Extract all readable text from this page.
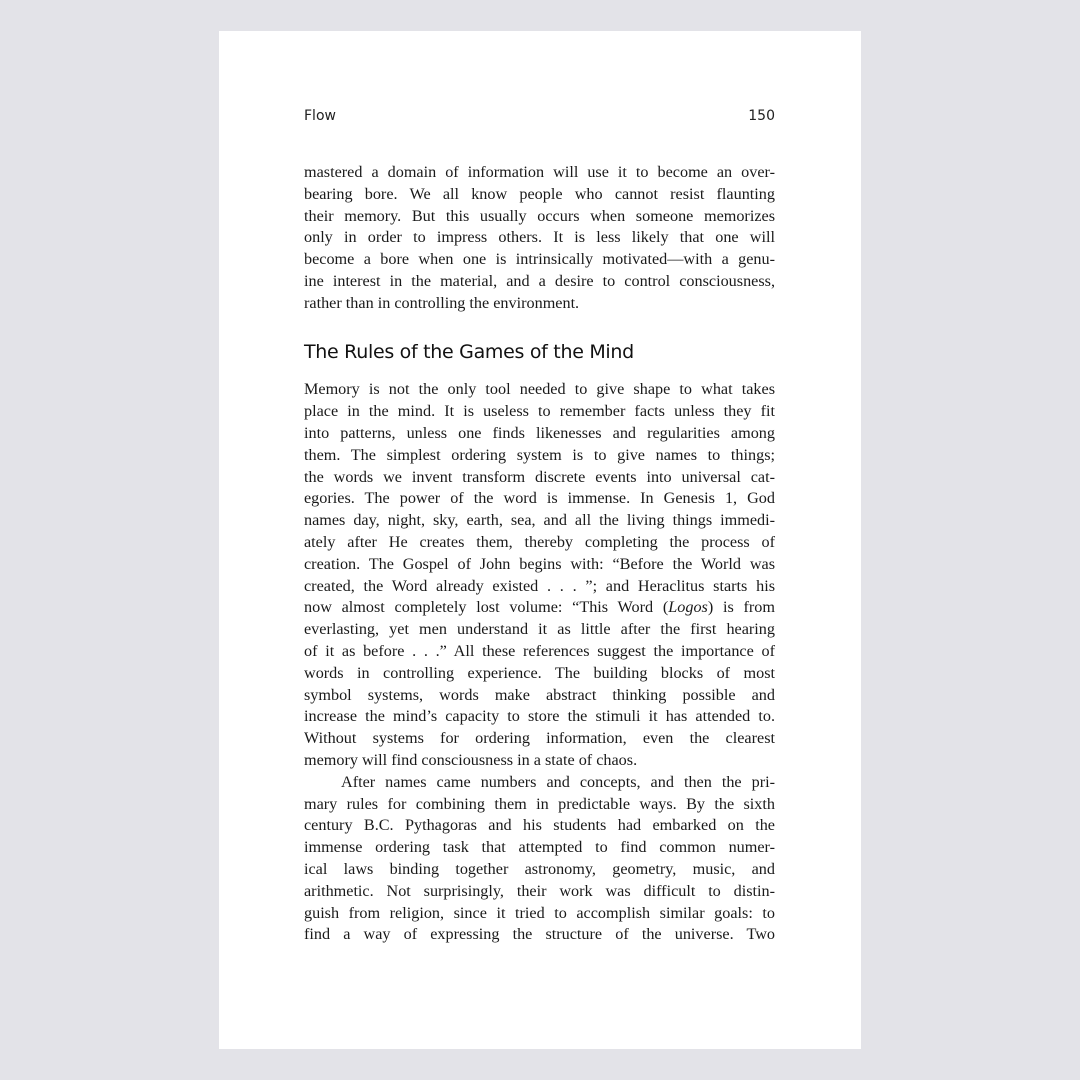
Flow	150
mastered a domain of information will use it to become an over-
bearing bore. We all know people who cannot resist flaunting
their memory. But this usually occurs when someone memorizes
only in order to impress others. It is less likely that one will
become a bore when one is intrinsically motivated—with a genu-
ine interest in the material, and a desire to control consciousness,
rather than in controlling the environment.
The Rules of the Games of the Mind
Memory is not the only tool needed to give shape to what takes
place in the mind. It is useless to remember facts unless they fit
into patterns, unless one finds likenesses and regularities among
them. The simplest ordering system is to give names to things;
the words we invent transform discrete events into universal cat-
egories. The power of the word is immense. In Genesis 1, God
names day, night, sky, earth, sea, and all the living things immedi-
ately after He creates them, thereby completing the process of
creation. The Gospel of John begins with: “Before the World was
created, the Word already existed . . . ”; and Heraclitus starts his
now almost completely lost volume: “This Word (Logos) is from
everlasting, yet men understand it as little after the first hearing
of it as before . . .” All these references suggest the importance of
words in controlling experience. The building blocks of most
symbol systems, words make abstract thinking possible and
increase the mind’s capacity to store the stimuli it has attended to.
Without systems for ordering information, even the clearest
memory will find consciousness in a state of chaos.
After names came numbers and concepts, and then the pri-
mary rules for combining them in predictable ways. By the sixth
century B.C. Pythagoras and his students had embarked on the
immense ordering task that attempted to find common numer-
ical laws binding together astronomy, geometry, music, and
arithmetic. Not surprisingly, their work was difficult to distin-
guish from religion, since it tried to accomplish similar goals: to
find a way of expressing the structure of the universe. Two
